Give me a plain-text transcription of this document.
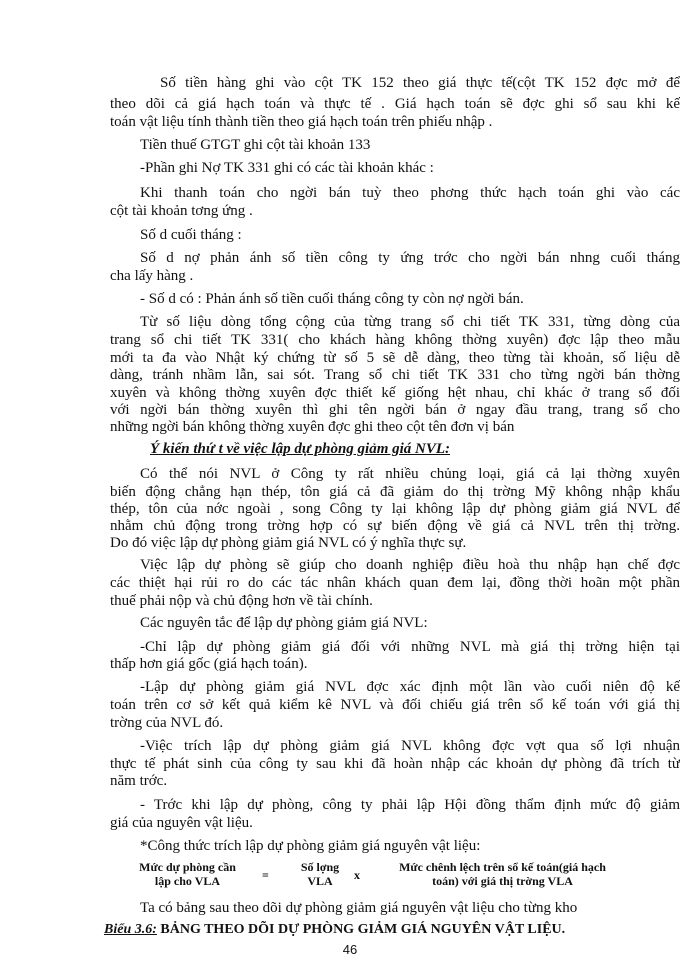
Số tiền hàng ghi vào cột TK 152 theo giá thực tế(cột TK 152 đợc mở để
theo dõi cả giá hạch toán và thực tế . Giá hạch toán sẽ đợc ghi sổ sau khi kế
toán vật liệu tính thành tiền theo giá hạch toán trên phiếu nhập .
Tiền thuế GTGT ghi cột tài khoản 133
-Phần ghi Nợ TK 331 ghi có các tài khoản khác :
Khi thanh toán cho ngời bán tuỳ theo phơng thức hạch toán ghi vào các
cột tài khoản tơng ứng .
Số d cuối tháng :
Số d nợ phản ánh số tiền công ty ứng trớc cho ngời bán nhng cuối tháng
cha lấy hàng .
- Số d có : Phản ánh số tiền cuối tháng công ty còn nợ ngời bán.
Từ số liệu dòng tổng cộng của từng trang sổ chi tiết TK 331, từng dòng của
trang sổ chi tiết TK 331( cho khách hàng không thờng xuyên) đợc lập theo mẫu
mới ta đa vào Nhật ký chứng từ số 5 sẽ dễ dàng, theo từng tài khoản, số liệu dễ
dàng, tránh nhầm lẫn, sai sót. Trang sổ chi tiết TK 331 cho từng ngời bán thờng
xuyên và không thờng xuyên đợc thiết kế giống hệt nhau, chỉ khác ở trang sổ đối
với ngời bán thờng xuyên thì ghi tên ngời bán ở ngay đầu trang, trang sổ cho
những ngời bán không thờng xuyên đợc ghi theo cột tên đơn vị bán
Ý kiến thứ t về việc lập dự phòng giảm giá NVL:
Có thể nói NVL ở Công ty rất nhiều chủng loại, giá cả lại thờng xuyên
biến động chẳng hạn thép, tôn giá cả đã giảm do thị trờng Mỹ không nhập khẩu
thép, tôn của nớc ngoài , song Công ty lại không lập dự phòng giảm giá NVL để
nhằm chủ động trong trờng hợp có sự biến động về giá cả NVL trên thị trờng.
Do đó việc lập dự phòng giảm giá NVL có ý nghĩa thực sự.
Việc lập dự phòng sẽ giúp cho doanh nghiệp điều hoà thu nhập hạn chế đợc
các thiệt hại rủi ro do các tác nhân khách quan đem lại, đồng thời hoãn một phần
thuế phải nộp và chủ động hơn về tài chính.
Các nguyên tắc để lập dự phòng giảm giá NVL:
-Chỉ lập dự phòng giảm giá đối với những NVL mà giá thị trờng hiện tại
thấp hơn giá gốc (giá hạch toán).
-Lập dự phòng giảm giá NVL đợc xác định một lần vào cuối niên độ kế
toán trên cơ sở kết quả kiểm kê NVL và đối chiếu giá trên sổ kế toán với giá thị
trờng của NVL đó.
-Việc trích lập dự phòng giảm giá NVL không đợc vợt qua số lợi nhuận
thực tế phát sinh của công ty sau khi đã hoàn nhập các khoản dự phòng đã trích từ
năm trớc.
- Trớc khi lập dự phòng, công ty phải lập Hội đồng thẩm định mức độ giảm
giá của nguyên vật liệu.
*Công thức trích lập dự phòng giảm giá nguyên vật liệu:
Mức dự phòng cần
lập cho VLA	=
Số lợng
VLA	x
Mức chênh lệch trên sổ kế toán(giá hạch
toán) với giá thị trờng VLA
Ta có bảng sau theo dõi dự phòng giảm giá nguyên vật liệu cho từng kho
Biểu 3.6: BẢNG THEO DÕI DỰ PHÒNG GIẢM GIÁ NGUYÊN VẬT LIỆU.
46
